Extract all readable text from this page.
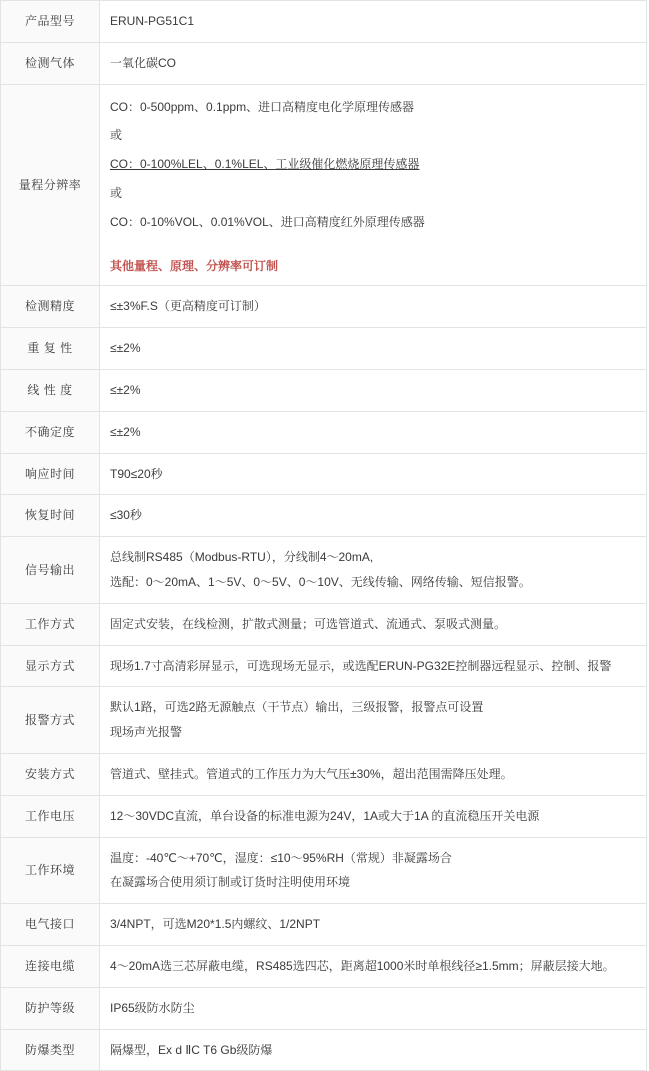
产品型号	ERUN-PG51C1

检测气体	一氧化碳CO

量程分辨率	

CO：0-500ppm、0.1ppm、进口高精度电化学原理传感器

或

CO：0-100%LEL、0.1%LEL、工业级催化燃烧原理传感器

或

CO：0-10%VOL、0.01%VOL、进口高精度红外原理传感器

其他量程、原理、分辨率可订制

检测精度	≤±3%F.S（更高精度可订制）

重 复 性	≤±2%

线 性 度	≤±2%

不确定度	≤±2%

响应时间	T90≤20秒

恢复时间	≤30秒

信号输出	总线制RS485（Modbus-RTU），分线制4～20mA,

选配：0～20mA、1～5V、0～5V、0～10V、无线传输、网络传输、短信报警。

工作方式	固定式安装，在线检测，扩散式测量；可选管道式、流通式、泵吸式测量。

显示方式	现场1.7寸高清彩屏显示，可选现场无显示，或选配ERUN-PG32E控制器远程显示、控制、报警

报警方式	默认1路，可选2路无源触点（干节点）输出，三级报警，报警点可设置

现场声光报警

安装方式	管道式、壁挂式。管道式的工作压力为大气压±30%，超出范围需降压处理。

工作电压	12～30VDC直流，单台设备的标准电源为24V，1A或大于1A 的直流稳压开关电源

工作环境	温度：-40℃～+70℃，湿度：≤10～95%RH（常规）非凝露场合

在凝露场合使用须订制或订货时注明使用环境

电气接口	3/4NPT，可选M20*1.5内螺纹、1/2NPT

连接电缆	4～20mA选三芯屏蔽电缆，RS485选四芯，距离超1000米时单根线径≥1.5mm；屏蔽层接大地。

防护等级	IP65级防水防尘

防爆类型	隔爆型，Ex d ⅡC T6 Gb级防爆
